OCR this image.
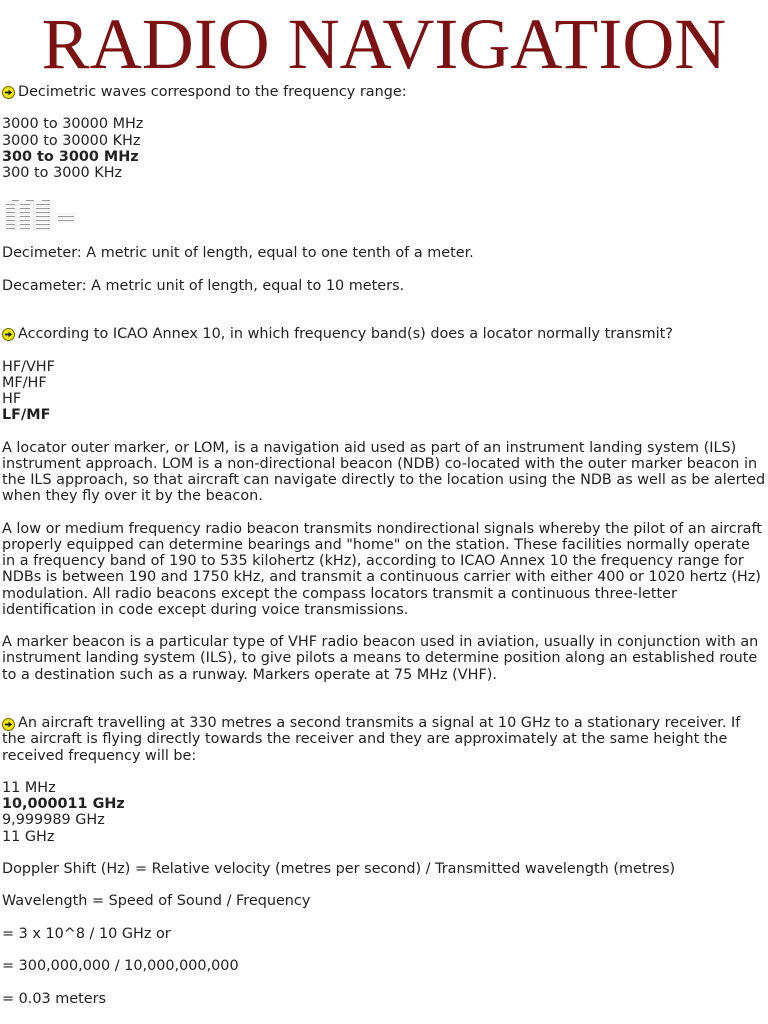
RADIO NAVIGATION
Decimetric waves correspond to the frequency range:
3000 to 30000 MHz
3000 to 30000 KHz
300 to 3000 MHz
300 to 3000 KHz
Decimeter: A metric unit of length, equal to one tenth of a meter.
Decameter: A metric unit of length, equal to 10 meters.
According to ICAO Annex 10, in which frequency band(s) does a locator normally transmit?
HF/VHF
MF/HF
HF
LF/MF
A locator outer marker, or LOM, is a navigation aid used as part of an instrument landing system (ILS) instrument approach. LOM is a non-directional beacon (NDB) co-located with the outer marker beacon in the ILS approach, so that aircraft can navigate directly to the location using the NDB as well as be alerted when they fly over it by the beacon.
A low or medium frequency radio beacon transmits nondirectional signals whereby the pilot of an aircraft properly equipped can determine bearings and "home" on the station. These facilities normally operate in a frequency band of 190 to 535 kilohertz (kHz), according to ICAO Annex 10 the frequency range for NDBs is between 190 and 1750 kHz, and transmit a continuous carrier with either 400 or 1020 hertz (Hz) modulation. All radio beacons except the compass locators transmit a continuous three-letter identification in code except during voice transmissions.
A marker beacon is a particular type of VHF radio beacon used in aviation, usually in conjunction with an instrument landing system (ILS), to give pilots a means to determine position along an established route to a destination such as a runway. Markers operate at 75 MHz (VHF).
An aircraft travelling at 330 metres a second transmits a signal at 10 GHz to a stationary receiver. If the aircraft is flying directly towards the receiver and they are approximately at the same height the received frequency will be:
11 MHz
10,000011 GHz
9,999989 GHz
11 GHz
Doppler Shift (Hz) = Relative velocity (metres per second) / Transmitted wavelength (metres)
Wavelength = Speed of Sound / Frequency
= 3 x 10^8 / 10 GHz or
= 300,000,000 / 10,000,000,000
= 0.03 meters
